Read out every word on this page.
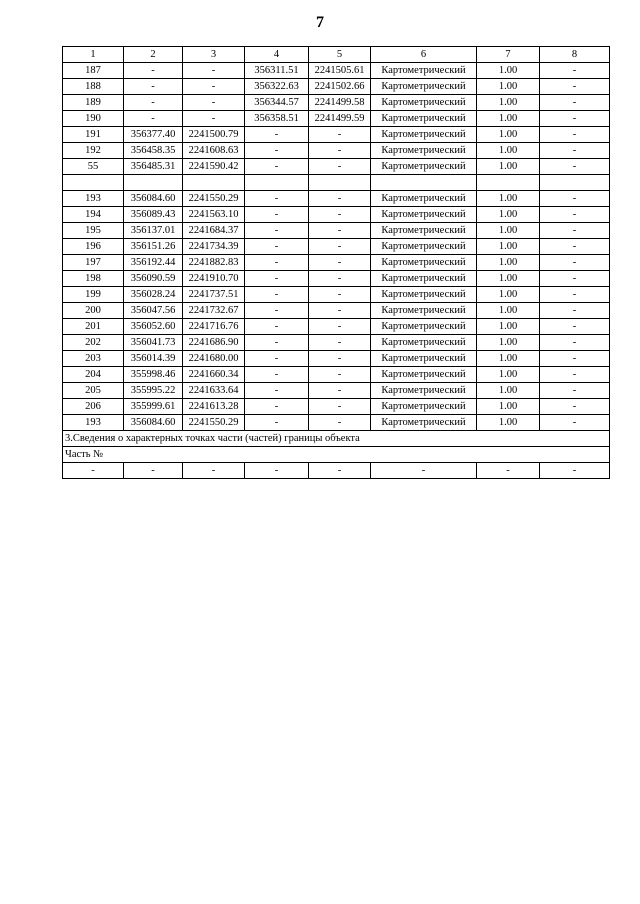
7
1	2	3	4	5	6	7	8
187	-	-	356311.51	2241505.61	Картометрический	1.00	-
188	-	-	356322.63	2241502.66	Картометрический	1.00	-
189	-	-	356344.57	2241499.58	Картометрический	1.00	-
190	-	-	356358.51	2241499.59	Картометрический	1.00	-
191	356377.40	2241500.79	-	-	Картометрический	1.00	-
192	356458.35	2241608.63	-	-	Картометрический	1.00	-
55	356485.31	2241590.42	-	-	Картометрический	1.00	-

193	356084.60	2241550.29	-	-	Картометрический	1.00	-
194	356089.43	2241563.10	-	-	Картометрический	1.00	-
195	356137.01	2241684.37	-	-	Картометрический	1.00	-
196	356151.26	2241734.39	-	-	Картометрический	1.00	-
197	356192.44	2241882.83	-	-	Картометрический	1.00	-
198	356090.59	2241910.70	-	-	Картометрический	1.00	-
199	356028.24	2241737.51	-	-	Картометрический	1.00	-
200	356047.56	2241732.67	-	-	Картометрический	1.00	-
201	356052.60	2241716.76	-	-	Картометрический	1.00	-
202	356041.73	2241686.90	-	-	Картометрический	1.00	-
203	356014.39	2241680.00	-	-	Картометрический	1.00	-
204	355998.46	2241660.34	-	-	Картометрический	1.00	-
205	355995.22	2241633.64	-	-	Картометрический	1.00	-
206	355999.61	2241613.28	-	-	Картометрический	1.00	-
193	356084.60	2241550.29	-	-	Картометрический	1.00	-
3.Сведения о характерных точках части (частей) границы объекта							
Часть №							
-	-	-	-	-	-	-	-
